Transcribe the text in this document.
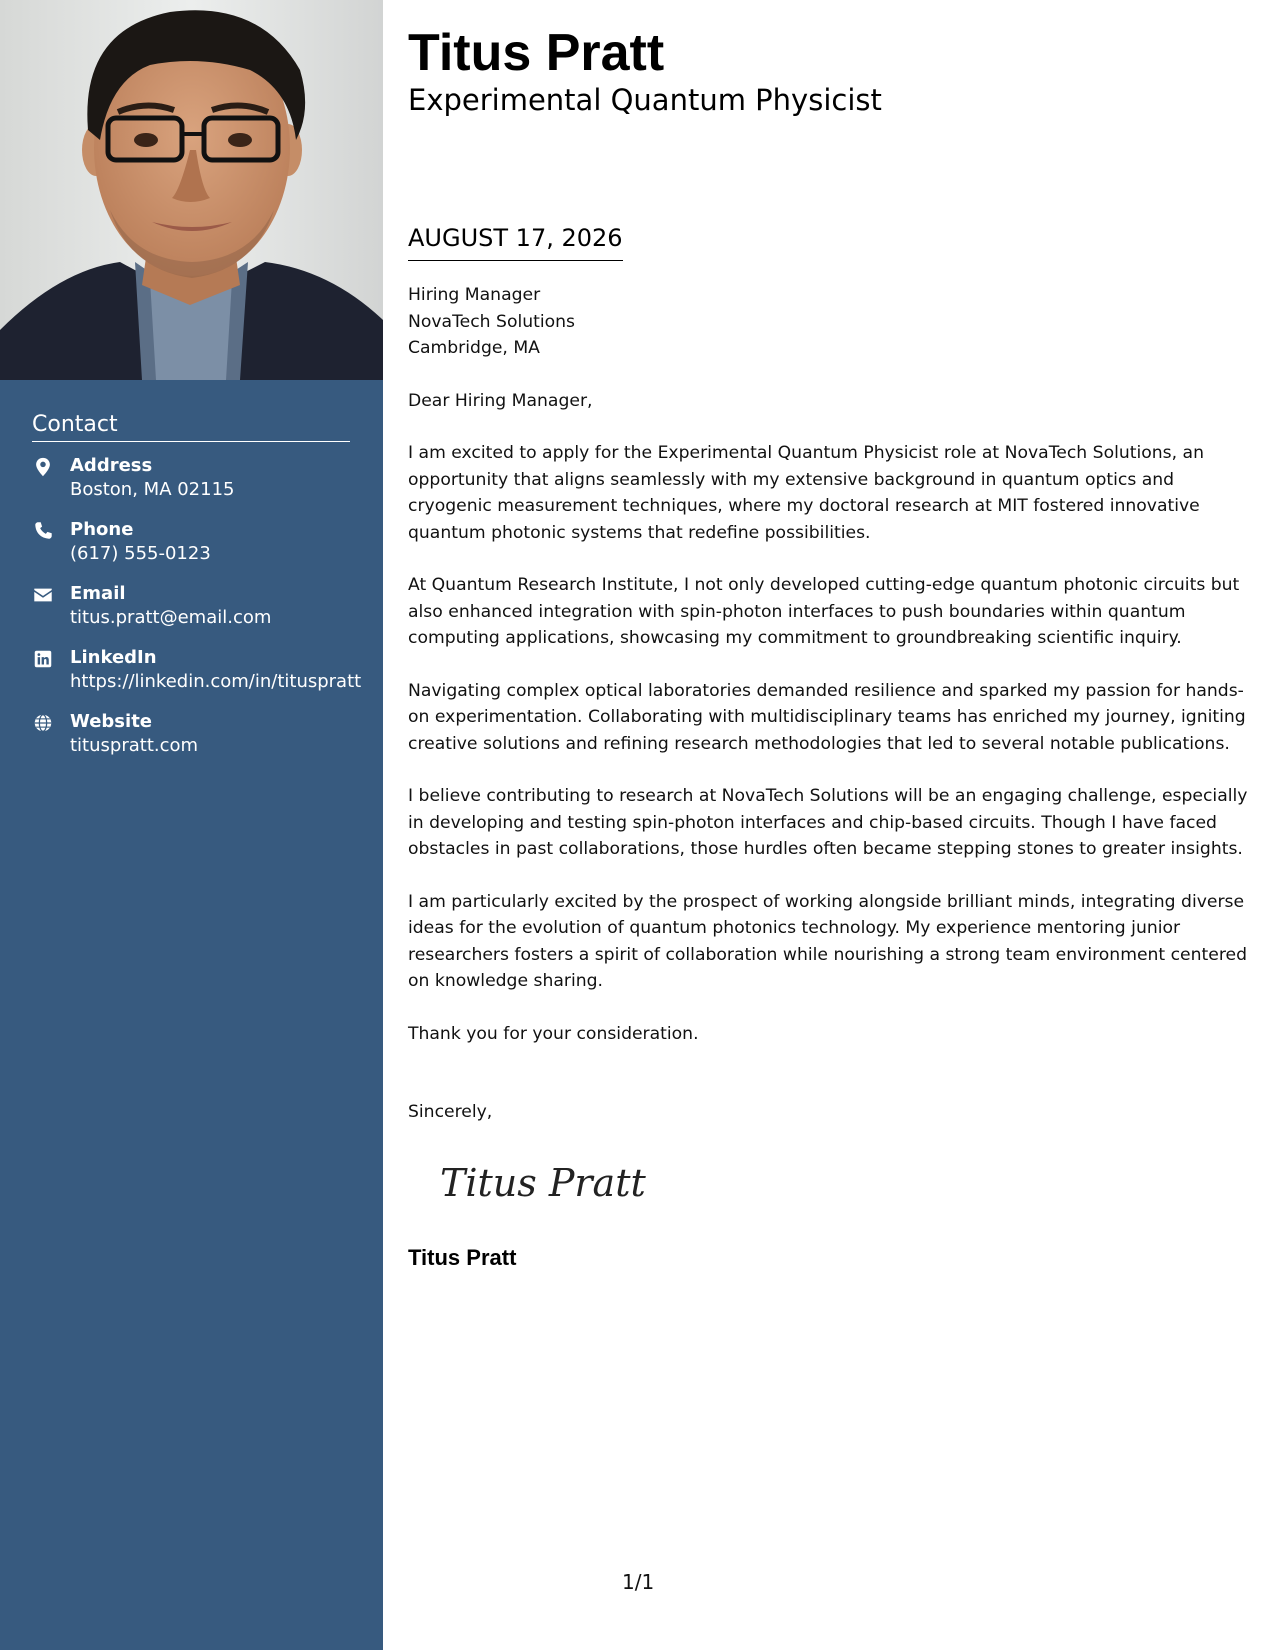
Contact
Address
Boston, MA 02115
Phone
(617) 555-0123
Email
titus.pratt@email.com
LinkedIn
https://linkedin.com/in/tituspratt
Website
tituspratt.com
Titus Pratt
Experimental Quantum Physicist
AUGUST 17, 2026

Hiring Manager
NovaTech Solutions
Cambridge, MA

Dear Hiring Manager,

I am excited to apply for the Experimental Quantum Physicist role at NovaTech Solutions, an opportunity that aligns seamlessly with my extensive background in quantum optics and cryogenic measurement techniques, where my doctoral research at MIT fostered innovative quantum photonic systems that redefine possibilities.

At Quantum Research Institute, I not only developed cutting-edge quantum photonic circuits but also enhanced integration with spin-photon interfaces to push boundaries within quantum computing applications, showcasing my commitment to groundbreaking scientific inquiry.

Navigating complex optical laboratories demanded resilience and sparked my passion for hands-on experimentation. Collaborating with multidisciplinary teams has enriched my journey, igniting creative solutions and refining research methodologies that led to several notable publications.

I believe contributing to research at NovaTech Solutions will be an engaging challenge, especially in developing and testing spin-photon interfaces and chip-based circuits. Though I have faced obstacles in past collaborations, those hurdles often became stepping stones to greater insights.

I am particularly excited by the prospect of working alongside brilliant minds, integrating diverse ideas for the evolution of quantum photonics technology. My experience mentoring junior researchers fosters a spirit of collaboration while nourishing a strong team environment centered on knowledge sharing.

Thank you for your consideration.

Sincerely,

Titus Pratt
Titus Pratt
1/1
